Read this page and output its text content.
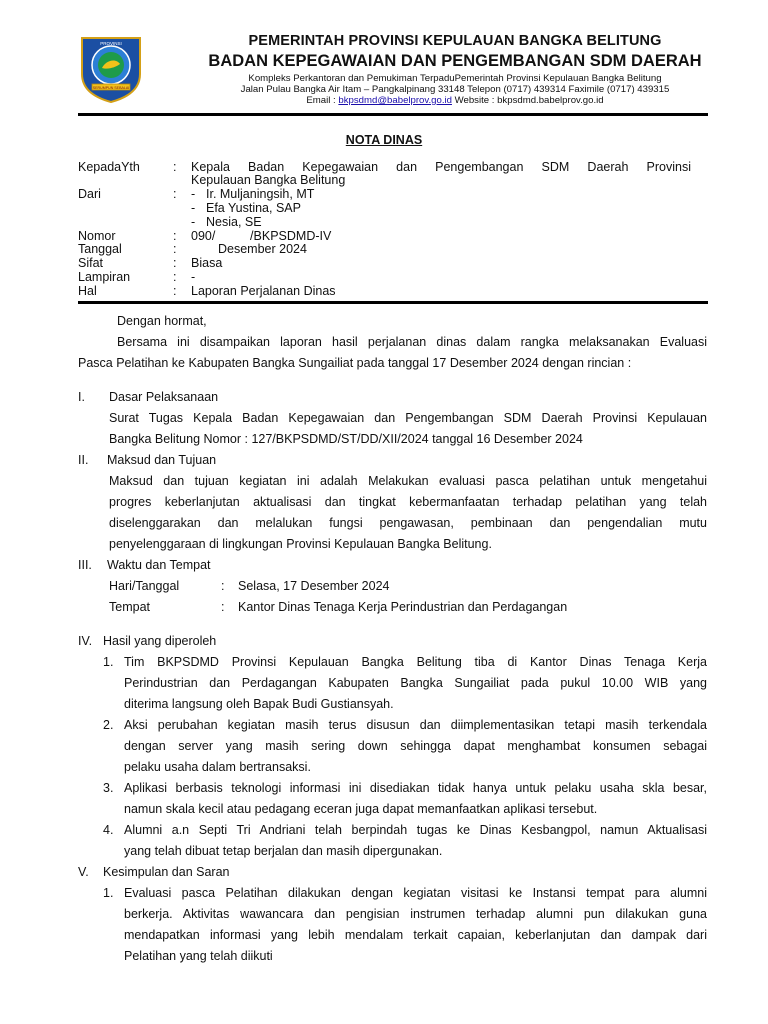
PROVINSI
SERUMPUN SEBALAI
PEMERINTAH PROVINSI KEPULAUAN BANGKA BELITUNG
BADAN KEPEGAWAIAN DAN PENGEMBANGAN SDM DAERAH
Kompleks Perkantoran dan Pemukiman TerpaduPemerintah Provinsi Kepulauan Bangka Belitung
Jalan Pulau Bangka Air Itam – Pangkalpinang 33148 Telepon (0717) 439314 Faximile (0717) 439315
Email : bkpsdmd@babelprov.go.id Website : bkpsdmd.babelprov.go.id
NOTA DINAS
KepadaYth	: Kepala Badan Kepegawaian dan Pengembangan SDM Daerah Provinsi
Kepulauan Bangka Belitung
Dari	: - Ir. Muljaningsih, MT
- Efa Yustina, SAP
- Nesia, SE
Nomor	: 090/          /BKPSDMD-IV
Tanggal	:	Desember 2024
Sifat	: Biasa
Lampiran	: -
Hal	: Laporan Perjalanan Dinas
Dengan hormat,
Bersama ini disampaikan laporan hasil perjalanan dinas dalam rangka melaksanakan Evaluasi
Pasca Pelatihan ke Kabupaten Bangka Sungailiat pada tanggal 17 Desember 2024 dengan rincian :
I. Dasar Pelaksanaan
Surat Tugas Kepala Badan Kepegawaian dan Pengembangan SDM Daerah Provinsi Kepulauan
Bangka Belitung Nomor : 127/BKPSDMD/ST/DD/XII/2024 tanggal 16 Desember 2024
II. Maksud dan Tujuan
Maksud dan tujuan kegiatan ini adalah Melakukan evaluasi pasca pelatihan untuk mengetahui
progres keberlanjutan aktualisasi dan tingkat kebermanfaatan terhadap pelatihan yang telah
diselenggarakan dan melalukan fungsi pengawasan, pembinaan dan pengendalian mutu
penyelenggaraan di lingkungan Provinsi Kepulauan Bangka Belitung.
III. Waktu dan Tempat
Hari/Tanggal	: Selasa, 17 Desember 2024
Tempat	: Kantor Dinas Tenaga Kerja Perindustrian dan Perdagangan
IV. Hasil yang diperoleh
1. Tim BKPSDMD Provinsi Kepulauan Bangka Belitung tiba di Kantor Dinas Tenaga Kerja
Perindustrian dan Perdagangan Kabupaten Bangka Sungailiat pada pukul 10.00 WIB yang
diterima langsung oleh Bapak Budi Gustiansyah.
2. Aksi perubahan kegiatan masih terus disusun dan diimplementasikan tetapi masih terkendala
dengan server yang masih sering down sehingga dapat menghambat konsumen sebagai
pelaku usaha dalam bertransaksi.
3. Aplikasi berbasis teknologi informasi ini disediakan tidak hanya untuk pelaku usaha skla besar,
namun skala kecil atau pedagang eceran juga dapat memanfaatkan aplikasi tersebut.
4. Alumni a.n Septi Tri Andriani telah berpindah tugas ke Dinas Kesbangpol, namun Aktualisasi
yang telah dibuat tetap berjalan dan masih dipergunakan.
V. Kesimpulan dan Saran
1. Evaluasi pasca Pelatihan dilakukan dengan kegiatan visitasi ke Instansi tempat para alumni
berkerja. Aktivitas wawancara dan pengisian instrumen terhadap alumni pun dilakukan guna
mendapatkan informasi yang lebih mendalam terkait capaian, keberlanjutan dan dampak dari
Pelatihan yang telah diikuti
